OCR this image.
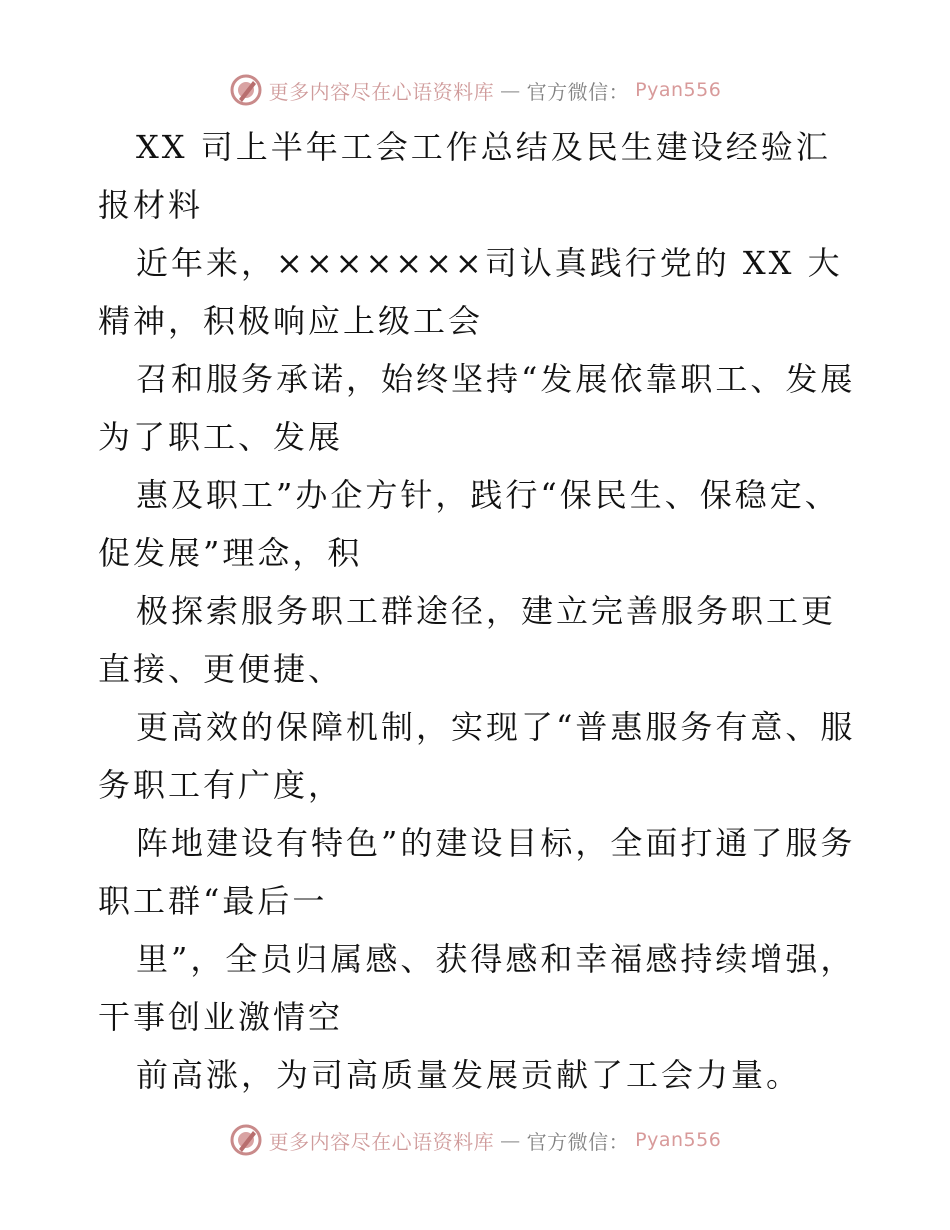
更多内容尽在心语资料库 — 官方微信： Pyan556

XX 司上半年工会工作总结及民生建设经验汇报材料

近年来，×××××××司认真践行党的 XX 大精神，积极响应上级工会

召和服务承诺，始终坚持“发展依靠职工、发展为了职工、发展

惠及职工”办企方针，践行“保民生、保稳定、促发展”理念，积

极探索服务职工群途径，建立完善服务职工更直接、更便捷、

更高效的保障机制，实现了“普惠服务有意、服务职工有广度，

阵地建设有特色”的建设目标，全面打通了服务职工群“最后一

里”，全员归属感、获得感和幸福感持续增强，干事创业激情空

前高涨，为司高质量发展贡献了工会力量。

更多内容尽在心语资料库 — 官方微信： Pyan556
